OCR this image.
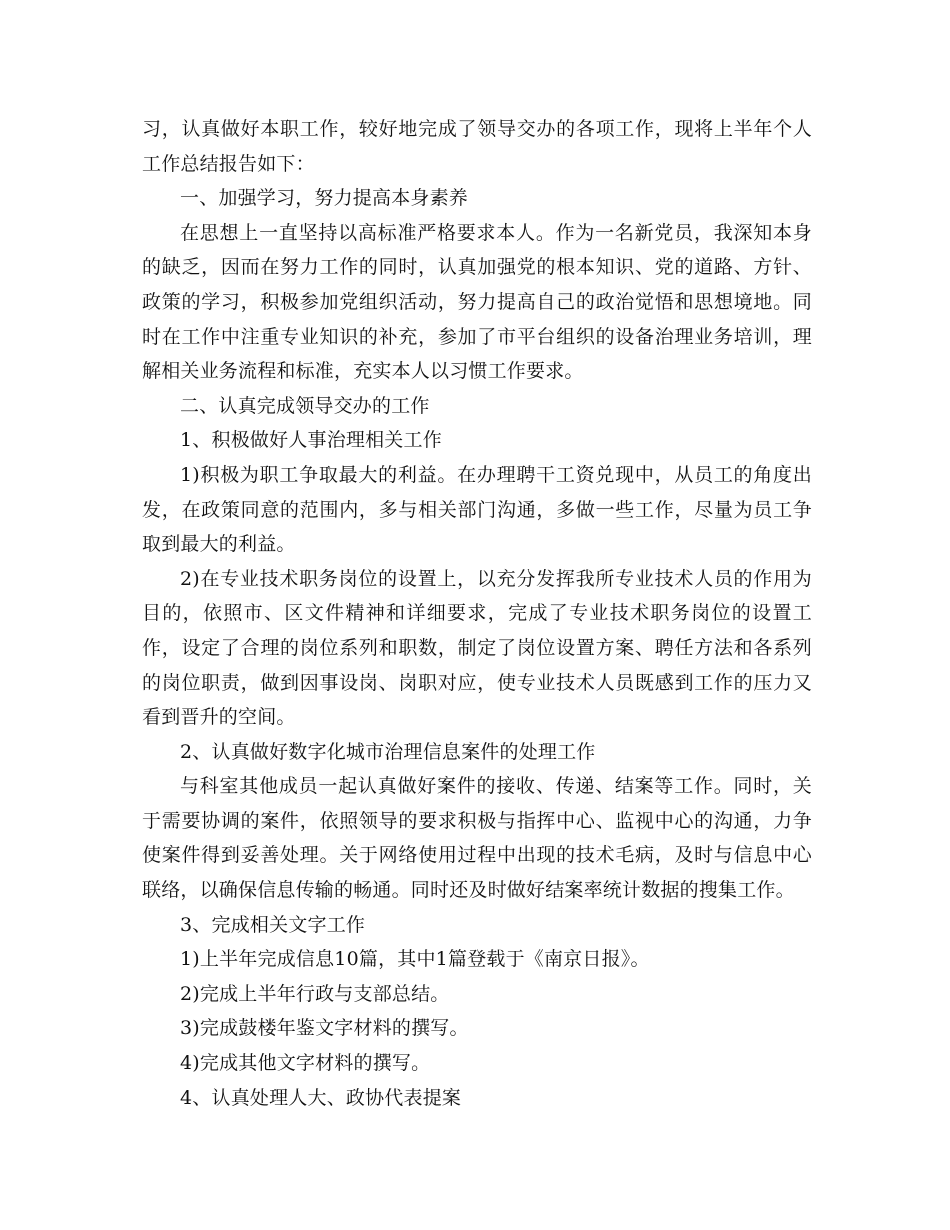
习，认真做好本职工作，较好地完成了领导交办的各项工作，现将上半年个人工作总结报告如下：

一、加强学习，努力提高本身素养

在思想上一直坚持以高标准严格要求本人。作为一名新党员，我深知本身的缺乏，因而在努力工作的同时，认真加强党的根本知识、党的道路、方针、政策的学习，积极参加党组织活动，努力提高自己的政治觉悟和思想境地。同时在工作中注重专业知识的补充，参加了市平台组织的设备治理业务培训，理解相关业务流程和标准，充实本人以习惯工作要求。

二、认真完成领导交办的工作

1、积极做好人事治理相关工作

1)积极为职工争取最大的利益。在办理聘干工资兑现中，从员工的角度出发，在政策同意的范围内，多与相关部门沟通，多做一些工作，尽量为员工争取到最大的利益。

2)在专业技术职务岗位的设置上，以充分发挥我所专业技术人员的作用为目的，依照市、区文件精神和详细要求，完成了专业技术职务岗位的设置工作，设定了合理的岗位系列和职数，制定了岗位设置方案、聘任方法和各系列的岗位职责，做到因事设岗、岗职对应，使专业技术人员既感到工作的压力又看到晋升的空间。

2、认真做好数字化城市治理信息案件的处理工作

与科室其他成员一起认真做好案件的接收、传递、结案等工作。同时，关于需要协调的案件，依照领导的要求积极与指挥中心、监视中心的沟通，力争使案件得到妥善处理。关于网络使用过程中出现的技术毛病，及时与信息中心联络，以确保信息传输的畅通。同时还及时做好结案率统计数据的搜集工作。

3、完成相关文字工作

1)上半年完成信息10篇，其中1篇登载于《南京日报》。

2)完成上半年行政与支部总结。

3)完成鼓楼年鉴文字材料的撰写。

4)完成其他文字材料的撰写。

4、认真处理人大、政协代表提案
